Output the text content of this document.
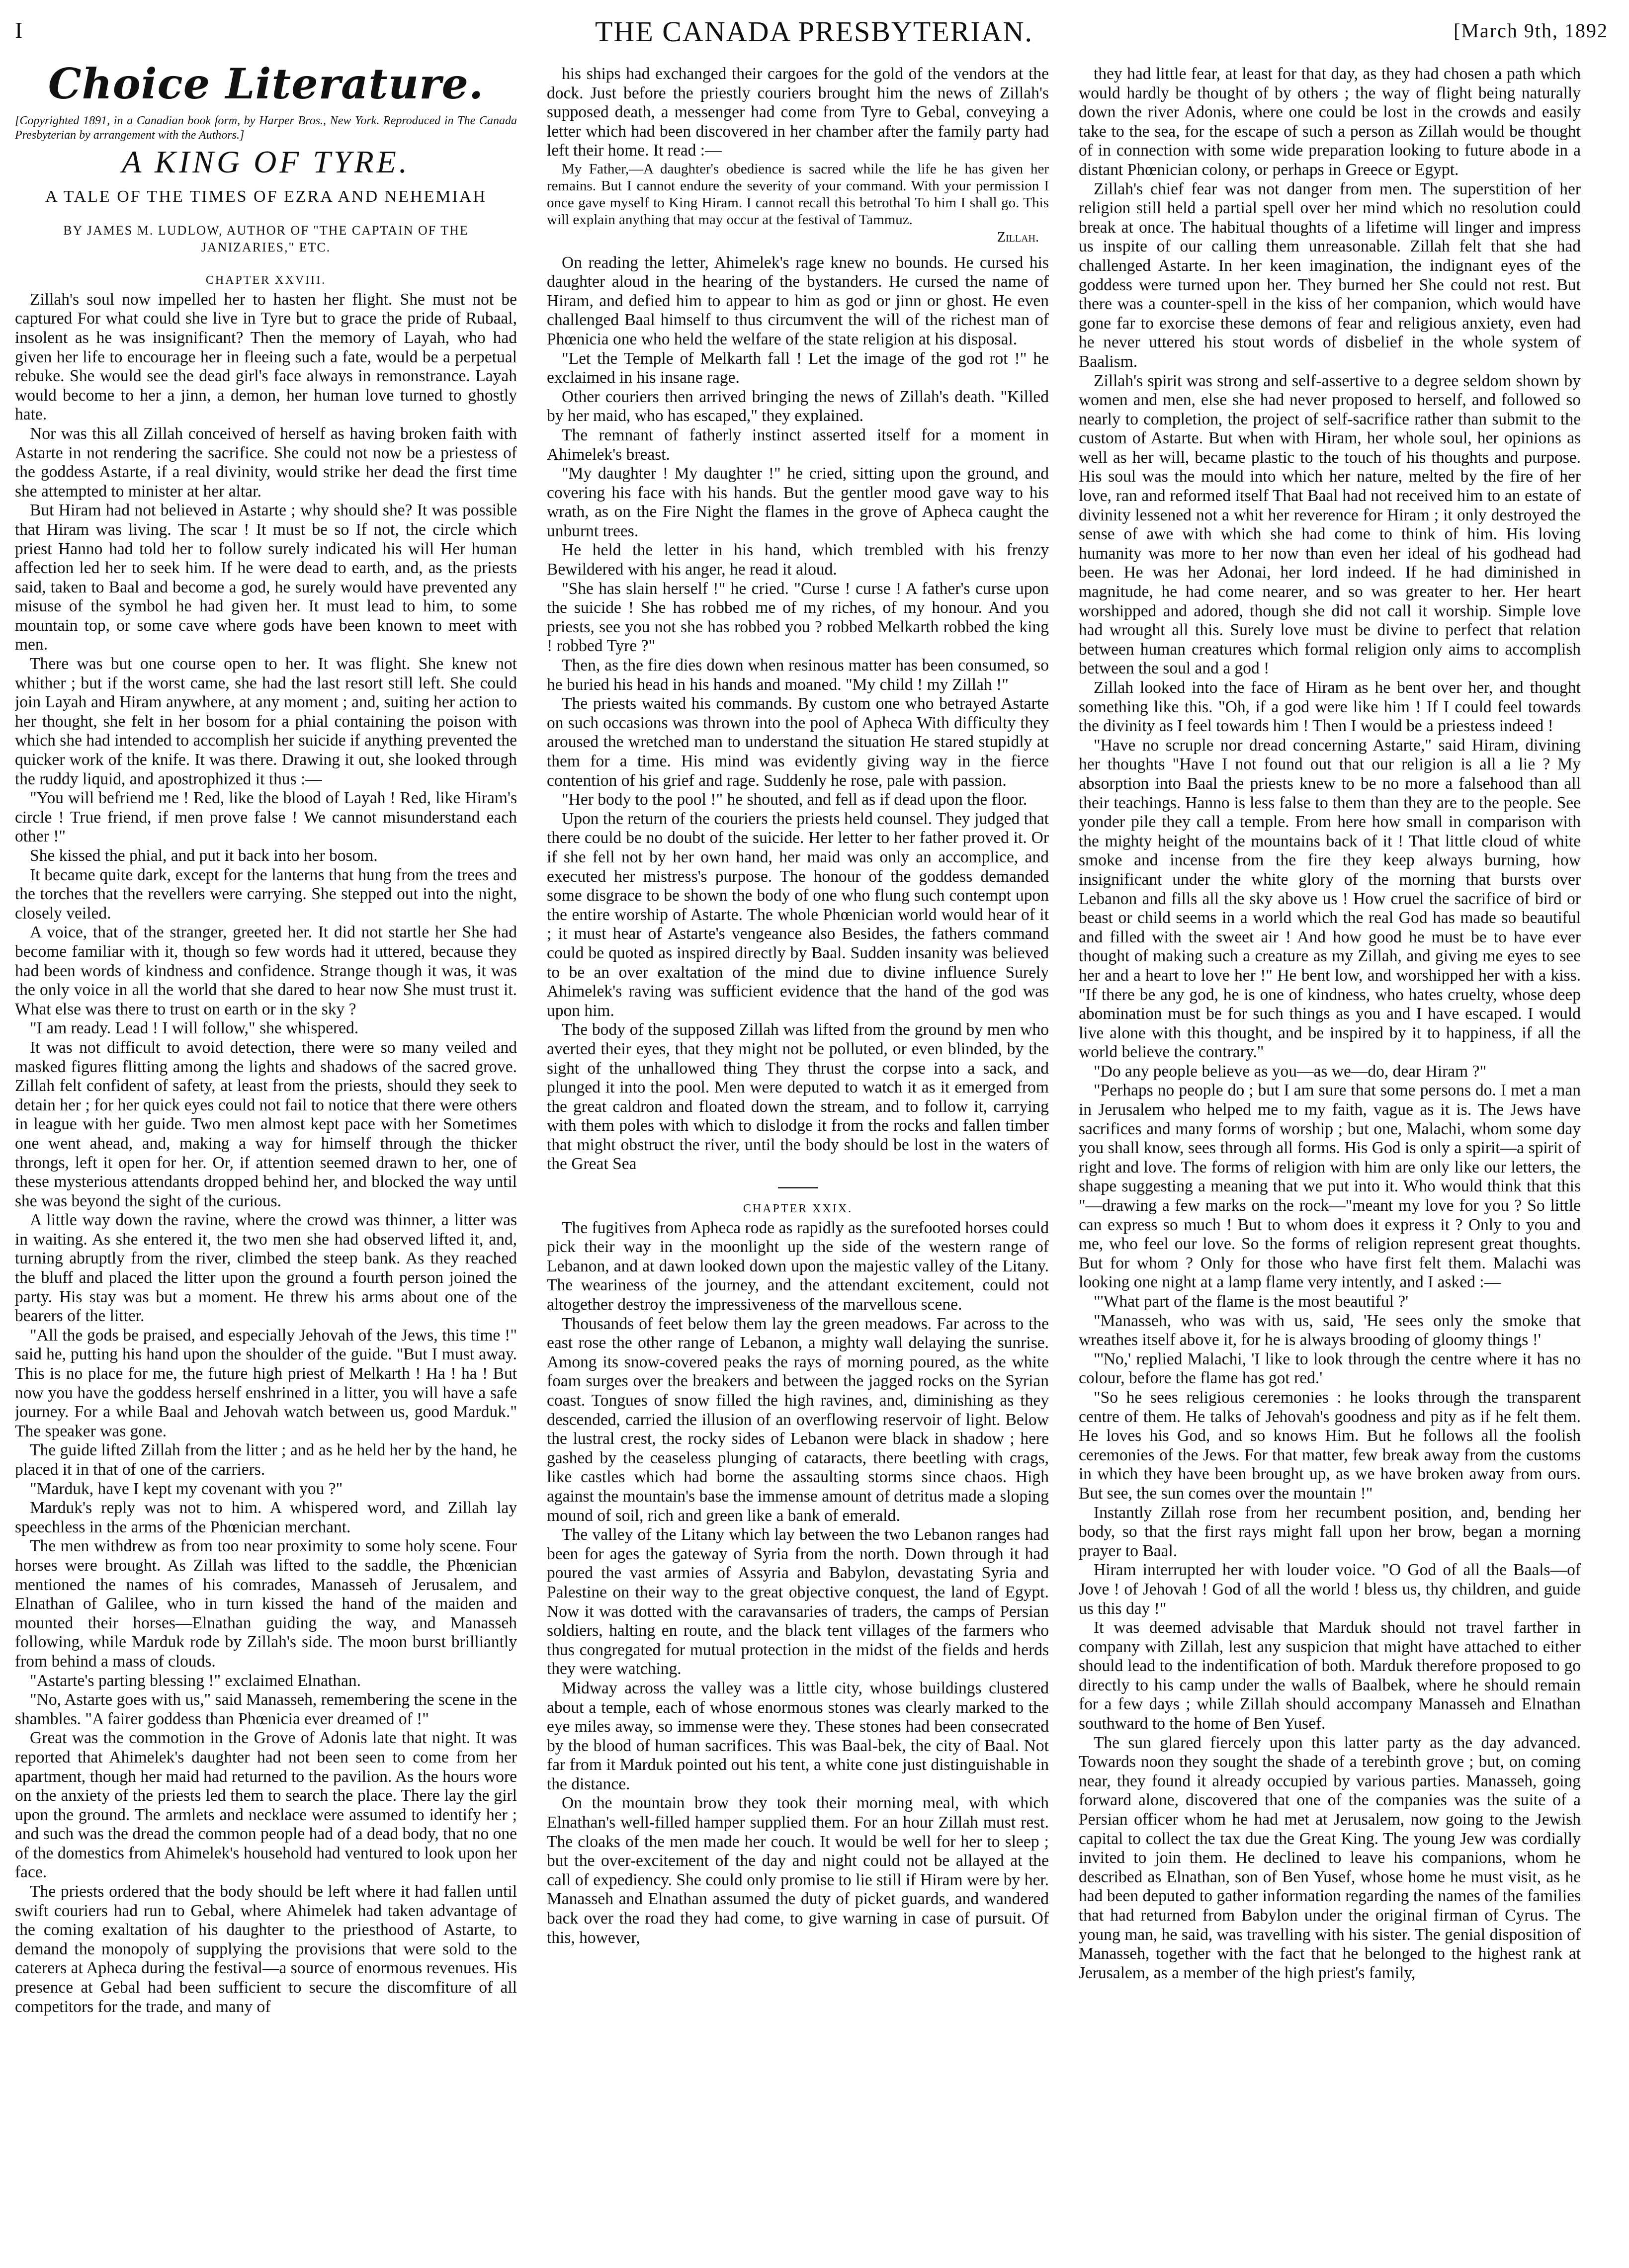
I	THE CANADA PRESBYTERIAN.	[March 9th, 1892
Choice Literature.

[Copyrighted 1891, in a Canadian book form, by Harper Bros., New York. Reproduced in The Canada Presbyterian by arrangement with the Authors.]

A KING OF TYRE.
A TALE OF THE TIMES OF EZRA AND NEHEMIAH
BY JAMES M. LUDLOW, AUTHOR OF "THE CAPTAIN OF THE JANIZARIES," ETC.

CHAPTER XXVIII.

Zillah's soul now impelled her to hasten her flight. She must not be captured For what could she live in Tyre but to grace the pride of Rubaal, insolent as he was insignificant? Then the memory of Layah, who had given her life to encourage her in fleeing such a fate, would be a perpetual rebuke. She would see the dead girl's face always in remonstrance. Layah would become to her a jinn, a demon, her human love turned to ghostly hate.

Nor was this all Zillah conceived of herself as having broken faith with Astarte in not rendering the sacrifice. She could not now be a priestess of the goddess Astarte, if a real divinity, would strike her dead the first time she attempted to minister at her altar.

But Hiram had not believed in Astarte ; why should she? It was possible that Hiram was living. The scar ! It must be so If not, the circle which priest Hanno had told her to follow surely indicated his will Her human affection led her to seek him. If he were dead to earth, and, as the priests said, taken to Baal and become a god, he surely would have prevented any misuse of the symbol he had given her. It must lead to him, to some mountain top, or some cave where gods have been known to meet with men.

There was but one course open to her. It was flight. She knew not whither ; but if the worst came, she had the last resort still left. She could join Layah and Hiram anywhere, at any moment ; and, suiting her action to her thought, she felt in her bosom for a phial containing the poison with which she had intended to accomplish her suicide if anything prevented the quicker work of the knife. It was there. Drawing it out, she looked through the ruddy liquid, and apostrophized it thus :—

"You will befriend me ! Red, like the blood of Layah ! Red, like Hiram's circle ! True friend, if men prove false ! We cannot misunderstand each other !"

She kissed the phial, and put it back into her bosom.

It became quite dark, except for the lanterns that hung from the trees and the torches that the revellers were carrying. She stepped out into the night, closely veiled.

A voice, that of the stranger, greeted her. It did not startle her She had become familiar with it, though so few words had it uttered, because they had been words of kindness and confidence. Strange though it was, it was the only voice in all the world that she dared to hear now She must trust it. What else was there to trust on earth or in the sky ?

"I am ready. Lead ! I will follow," she whispered.

It was not difficult to avoid detection, there were so many veiled and masked figures flitting among the lights and shadows of the sacred grove. Zillah felt confident of safety, at least from the priests, should they seek to detain her ; for her quick eyes could not fail to notice that there were others in league with her guide. Two men almost kept pace with her Sometimes one went ahead, and, making a way for himself through the thicker throngs, left it open for her. Or, if attention seemed drawn to her, one of these mysterious attendants dropped behind her, and blocked the way until she was beyond the sight of the curious.

A little way down the ravine, where the crowd was thinner, a litter was in waiting. As she entered it, the two men she had observed lifted it, and, turning abruptly from the river, climbed the steep bank. As they reached the bluff and placed the litter upon the ground a fourth person joined the party. His stay was but a moment. He threw his arms about one of the bearers of the litter.

"All the gods be praised, and especially Jehovah of the Jews, this time !" said he, putting his hand upon the shoulder of the guide. "But I must away. This is no place for me, the future high priest of Melkarth ! Ha ! ha ! But now you have the goddess herself enshrined in a litter, you will have a safe journey. For a while Baal and Jehovah watch between us, good Marduk." The speaker was gone.

The guide lifted Zillah from the litter ; and as he held her by the hand, he placed it in that of one of the carriers.

"Marduk, have I kept my covenant with you ?"

Marduk's reply was not to him. A whispered word, and Zillah lay speechless in the arms of the Phœnician merchant.

The men withdrew as from too near proximity to some holy scene. Four horses were brought. As Zillah was lifted to the saddle, the Phœnician mentioned the names of his comrades, Manasseh of Jerusalem, and Elnathan of Galilee, who in turn kissed the hand of the maiden and mounted their horses—Elnathan guiding the way, and Manasseh following, while Marduk rode by Zillah's side. The moon burst brilliantly from behind a mass of clouds.

"Astarte's parting blessing !" exclaimed Elnathan.

"No, Astarte goes with us," said Manasseh, remembering the scene in the shambles. "A fairer goddess than Phœnicia ever dreamed of !"

Great was the commotion in the Grove of Adonis late that night. It was reported that Ahimelek's daughter had not been seen to come from her apartment, though her maid had returned to the pavilion. As the hours wore on the anxiety of the priests led them to search the place. There lay the girl upon the ground. The armlets and necklace were assumed to identify her ; and such was the dread the common people had of a dead body, that no one of the domestics from Ahimelek's household had ventured to look upon her face.

The priests ordered that the body should be left where it had fallen until swift couriers had run to Gebal, where Ahimelek had taken advantage of the coming exaltation of his daughter to the priesthood of Astarte, to demand the monopoly of supplying the provisions that were sold to the caterers at Apheca during the festival—a source of enormous revenues. His presence at Gebal had been sufficient to secure the discomfiture of all competitors for the trade, and many of

his ships had exchanged their cargoes for the gold of the vendors at the dock. Just before the priestly couriers brought him the news of Zillah's supposed death, a messenger had come from Tyre to Gebal, conveying a letter which had been discovered in her chamber after the family party had left their home. It read :—

My Father,—A daughter's obedience is sacred while the life he has given her remains. But I cannot endure the severity of your command. With your permission I once gave myself to King Hiram. I cannot recall this betrothal To him I shall go. This will explain anything that may occur at the festival of Tammuz.

Zillah.

On reading the letter, Ahimelek's rage knew no bounds. He cursed his daughter aloud in the hearing of the bystanders. He cursed the name of Hiram, and defied him to appear to him as god or jinn or ghost. He even challenged Baal himself to thus circumvent the will of the richest man of Phœnicia one who held the welfare of the state religion at his disposal.

"Let the Temple of Melkarth fall ! Let the image of the god rot !" he exclaimed in his insane rage.

Other couriers then arrived bringing the news of Zillah's death. "Killed by her maid, who has escaped," they explained.

The remnant of fatherly instinct asserted itself for a moment in Ahimelek's breast.

"My daughter ! My daughter !" he cried, sitting upon the ground, and covering his face with his hands. But the gentler mood gave way to his wrath, as on the Fire Night the flames in the grove of Apheca caught the unburnt trees.

He held the letter in his hand, which trembled with his frenzy Bewildered with his anger, he read it aloud.

"She has slain herself !" he cried. "Curse ! curse ! A father's curse upon the suicide ! She has robbed me of my riches, of my honour. And you priests, see you not she has robbed you ? robbed Melkarth robbed the king ! robbed Tyre ?"

Then, as the fire dies down when resinous matter has been consumed, so he buried his head in his hands and moaned. "My child ! my Zillah !"

The priests waited his commands. By custom one who betrayed Astarte on such occasions was thrown into the pool of Apheca With difficulty they aroused the wretched man to understand the situation He stared stupidly at them for a time. His mind was evidently giving way in the fierce contention of his grief and rage. Suddenly he rose, pale with passion.

"Her body to the pool !" he shouted, and fell as if dead upon the floor.

Upon the return of the couriers the priests held counsel. They judged that there could be no doubt of the suicide. Her letter to her father proved it. Or if she fell not by her own hand, her maid was only an accomplice, and executed her mistress's purpose. The honour of the goddess demanded some disgrace to be shown the body of one who flung such contempt upon the entire worship of Astarte. The whole Phœnician world would hear of it ; it must hear of Astarte's vengeance also Besides, the fathers command could be quoted as inspired directly by Baal. Sudden insanity was believed to be an over exaltation of the mind due to divine influence Surely Ahimelek's raving was sufficient evidence that the hand of the god was upon him.

The body of the supposed Zillah was lifted from the ground by men who averted their eyes, that they might not be polluted, or even blinded, by the sight of the unhallowed thing They thrust the corpse into a sack, and plunged it into the pool. Men were deputed to watch it as it emerged from the great caldron and floated down the stream, and to follow it, carrying with them poles with which to dislodge it from the rocks and fallen timber that might obstruct the river, until the body should be lost in the waters of the Great Sea

CHAPTER XXIX.

The fugitives from Apheca rode as rapidly as the surefooted horses could pick their way in the moonlight up the side of the western range of Lebanon, and at dawn looked down upon the majestic valley of the Litany. The weariness of the journey, and the attendant excitement, could not altogether destroy the impressiveness of the marvellous scene.

Thousands of feet below them lay the green meadows. Far across to the east rose the other range of Lebanon, a mighty wall delaying the sunrise. Among its snow-covered peaks the rays of morning poured, as the white foam surges over the breakers and between the jagged rocks on the Syrian coast. Tongues of snow filled the high ravines, and, diminishing as they descended, carried the illusion of an overflowing reservoir of light. Below the lustral crest, the rocky sides of Lebanon were black in shadow ; here gashed by the ceaseless plunging of cataracts, there beetling with crags, like castles which had borne the assaulting storms since chaos. High against the mountain's base the immense amount of detritus made a sloping mound of soil, rich and green like a bank of emerald.

The valley of the Litany which lay between the two Lebanon ranges had been for ages the gateway of Syria from the north. Down through it had poured the vast armies of Assyria and Babylon, devastating Syria and Palestine on their way to the great objective conquest, the land of Egypt. Now it was dotted with the caravansaries of traders, the camps of Persian soldiers, halting en route, and the black tent villages of the farmers who thus congregated for mutual protection in the midst of the fields and herds they were watching.

Midway across the valley was a little city, whose buildings clustered about a temple, each of whose enormous stones was clearly marked to the eye miles away, so immense were they. These stones had been consecrated by the blood of human sacrifices. This was Baal-bek, the city of Baal. Not far from it Marduk pointed out his tent, a white cone just distinguishable in the distance.

On the mountain brow they took their morning meal, with which Elnathan's well-filled hamper supplied them. For an hour Zillah must rest. The cloaks of the men made her couch. It would be well for her to sleep ; but the over-excitement of the day and night could not be allayed at the call of expediency. She could only promise to lie still if Hiram were by her. Manasseh and Elnathan assumed the duty of picket guards, and wandered back over the road they had come, to give warning in case of pursuit. Of this, however,

they had little fear, at least for that day, as they had chosen a path which would hardly be thought of by others ; the way of flight being naturally down the river Adonis, where one could be lost in the crowds and easily take to the sea, for the escape of such a person as Zillah would be thought of in connection with some wide preparation looking to future abode in a distant Phœnician colony, or perhaps in Greece or Egypt.

Zillah's chief fear was not danger from men. The superstition of her religion still held a partial spell over her mind which no resolution could break at once. The habitual thoughts of a lifetime will linger and impress us inspite of our calling them unreasonable. Zillah felt that she had challenged Astarte. In her keen imagination, the indignant eyes of the goddess were turned upon her. They burned her She could not rest. But there was a counter-spell in the kiss of her companion, which would have gone far to exorcise these demons of fear and religious anxiety, even had he never uttered his stout words of disbelief in the whole system of Baalism.

Zillah's spirit was strong and self-assertive to a degree seldom shown by women and men, else she had never proposed to herself, and followed so nearly to completion, the project of self-sacrifice rather than submit to the custom of Astarte. But when with Hiram, her whole soul, her opinions as well as her will, became plastic to the touch of his thoughts and purpose. His soul was the mould into which her nature, melted by the fire of her love, ran and reformed itself That Baal had not received him to an estate of divinity lessened not a whit her reverence for Hiram ; it only destroyed the sense of awe with which she had come to think of him. His loving humanity was more to her now than even her ideal of his godhead had been. He was her Adonai, her lord indeed. If he had diminished in magnitude, he had come nearer, and so was greater to her. Her heart worshipped and adored, though she did not call it worship. Simple love had wrought all this. Surely love must be divine to perfect that relation between human creatures which formal religion only aims to accomplish between the soul and a god !

Zillah looked into the face of Hiram as he bent over her, and thought something like this. "Oh, if a god were like him ! If I could feel towards the divinity as I feel towards him ! Then I would be a priestess indeed !

"Have no scruple nor dread concerning Astarte," said Hiram, divining her thoughts "Have I not found out that our religion is all a lie ? My absorption into Baal the priests knew to be no more a falsehood than all their teachings. Hanno is less false to them than they are to the people. See yonder pile they call a temple. From here how small in comparison with the mighty height of the mountains back of it ! That little cloud of white smoke and incense from the fire they keep always burning, how insignificant under the white glory of the morning that bursts over Lebanon and fills all the sky above us ! How cruel the sacrifice of bird or beast or child seems in a world which the real God has made so beautiful and filled with the sweet air ! And how good he must be to have ever thought of making such a creature as my Zillah, and giving me eyes to see her and a heart to love her !" He bent low, and worshipped her with a kiss. "If there be any god, he is one of kindness, who hates cruelty, whose deep abomination must be for such things as you and I have escaped. I would live alone with this thought, and be inspired by it to happiness, if all the world believe the contrary."

"Do any people believe as you—as we—do, dear Hiram ?"

"Perhaps no people do ; but I am sure that some persons do. I met a man in Jerusalem who helped me to my faith, vague as it is. The Jews have sacrifices and many forms of worship ; but one, Malachi, whom some day you shall know, sees through all forms. His God is only a spirit—a spirit of right and love. The forms of religion with him are only like our letters, the shape suggesting a meaning that we put into it. Who would think that this "—drawing a few marks on the rock—"meant my love for you ? So little can express so much ! But to whom does it express it ? Only to you and me, who feel our love. So the forms of religion represent great thoughts. But for whom ? Only for those who have first felt them. Malachi was looking one night at a lamp flame very intently, and I asked :—

"'What part of the flame is the most beautiful ?'

"Manasseh, who was with us, said, 'He sees only the smoke that wreathes itself above it, for he is always brooding of gloomy things !'

"'No,' replied Malachi, 'I like to look through the centre where it has no colour, before the flame has got red.'

"So he sees religious ceremonies : he looks through the transparent centre of them. He talks of Jehovah's goodness and pity as if he felt them. He loves his God, and so knows Him. But he follows all the foolish ceremonies of the Jews. For that matter, few break away from the customs in which they have been brought up, as we have broken away from ours. But see, the sun comes over the mountain !"

Instantly Zillah rose from her recumbent position, and, bending her body, so that the first rays might fall upon her brow, began a morning prayer to Baal.

Hiram interrupted her with louder voice. "O God of all the Baals—of Jove ! of Jehovah ! God of all the world ! bless us, thy children, and guide us this day !"

It was deemed advisable that Marduk should not travel farther in company with Zillah, lest any suspicion that might have attached to either should lead to the indentification of both. Marduk therefore proposed to go directly to his camp under the walls of Baalbek, where he should remain for a few days ; while Zillah should accompany Manasseh and Elnathan southward to the home of Ben Yusef.

The sun glared fiercely upon this latter party as the day advanced. Towards noon they sought the shade of a terebinth grove ; but, on coming near, they found it already occupied by various parties. Manasseh, going forward alone, discovered that one of the companies was the suite of a Persian officer whom he had met at Jerusalem, now going to the Jewish capital to collect the tax due the Great King. The young Jew was cordially invited to join them. He declined to leave his companions, whom he described as Elnathan, son of Ben Yusef, whose home he must visit, as he had been deputed to gather information regarding the names of the families that had returned from Babylon under the original firman of Cyrus. The young man, he said, was travelling with his sister. The genial disposition of Manasseh, together with the fact that he belonged to the highest rank at Jerusalem, as a member of the high priest's family,
